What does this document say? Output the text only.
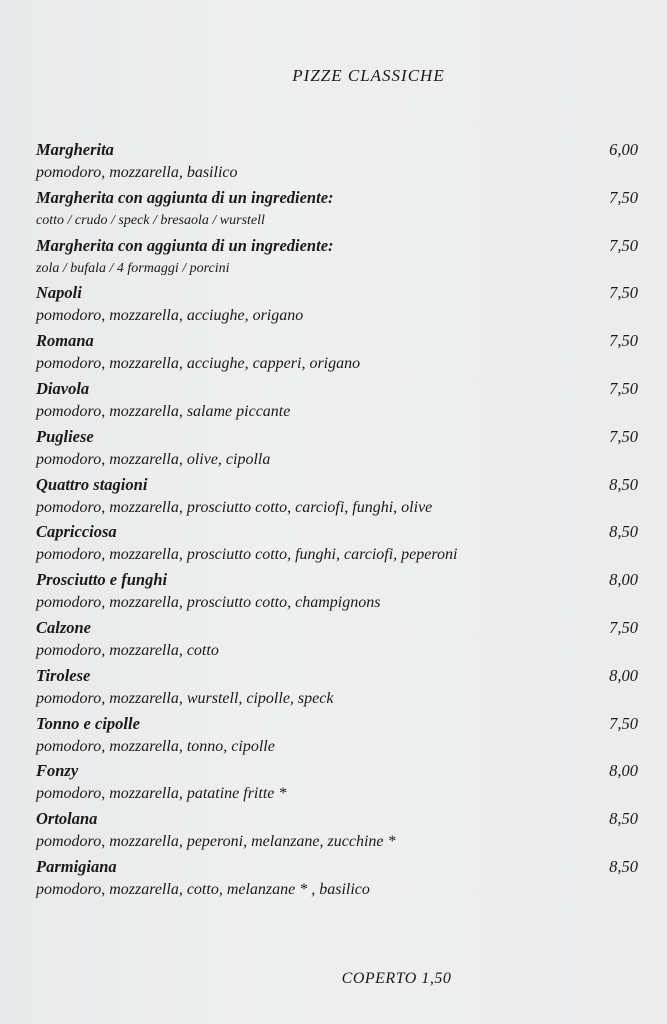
PIZZE CLASSICHE
Margherita	6,00
pomodoro, mozzarella, basilico
Margherita con aggiunta di un ingrediente:	7,50
cotto / crudo / speck / bresaola / wurstell
Margherita con aggiunta di un ingrediente:	7,50
zola / bufala / 4 formaggi / porcini
Napoli	7,50
pomodoro, mozzarella, acciughe, origano
Romana	7,50
pomodoro, mozzarella, acciughe, capperi, origano
Diavola	7,50
pomodoro, mozzarella, salame piccante
Pugliese	7,50
pomodoro, mozzarella, olive, cipolla
Quattro stagioni	8,50
pomodoro, mozzarella, prosciutto cotto, carciofi, funghi, olive
Capricciosa	8,50
pomodoro, mozzarella, prosciutto cotto, funghi, carciofi, peperoni
Prosciutto e funghi	8,00
pomodoro, mozzarella, prosciutto cotto, champignons
Calzone	7,50
pomodoro, mozzarella, cotto
Tirolese	8,00
pomodoro, mozzarella, wurstell, cipolle, speck
Tonno e cipolle	7,50
pomodoro, mozzarella, tonno, cipolle
Fonzy	8,00
pomodoro, mozzarella, patatine fritte *
Ortolana	8,50
pomodoro, mozzarella, peperoni, melanzane, zucchine *
Parmigiana	8,50
pomodoro, mozzarella, cotto, melanzane * , basilico
COPERTO 1,50
